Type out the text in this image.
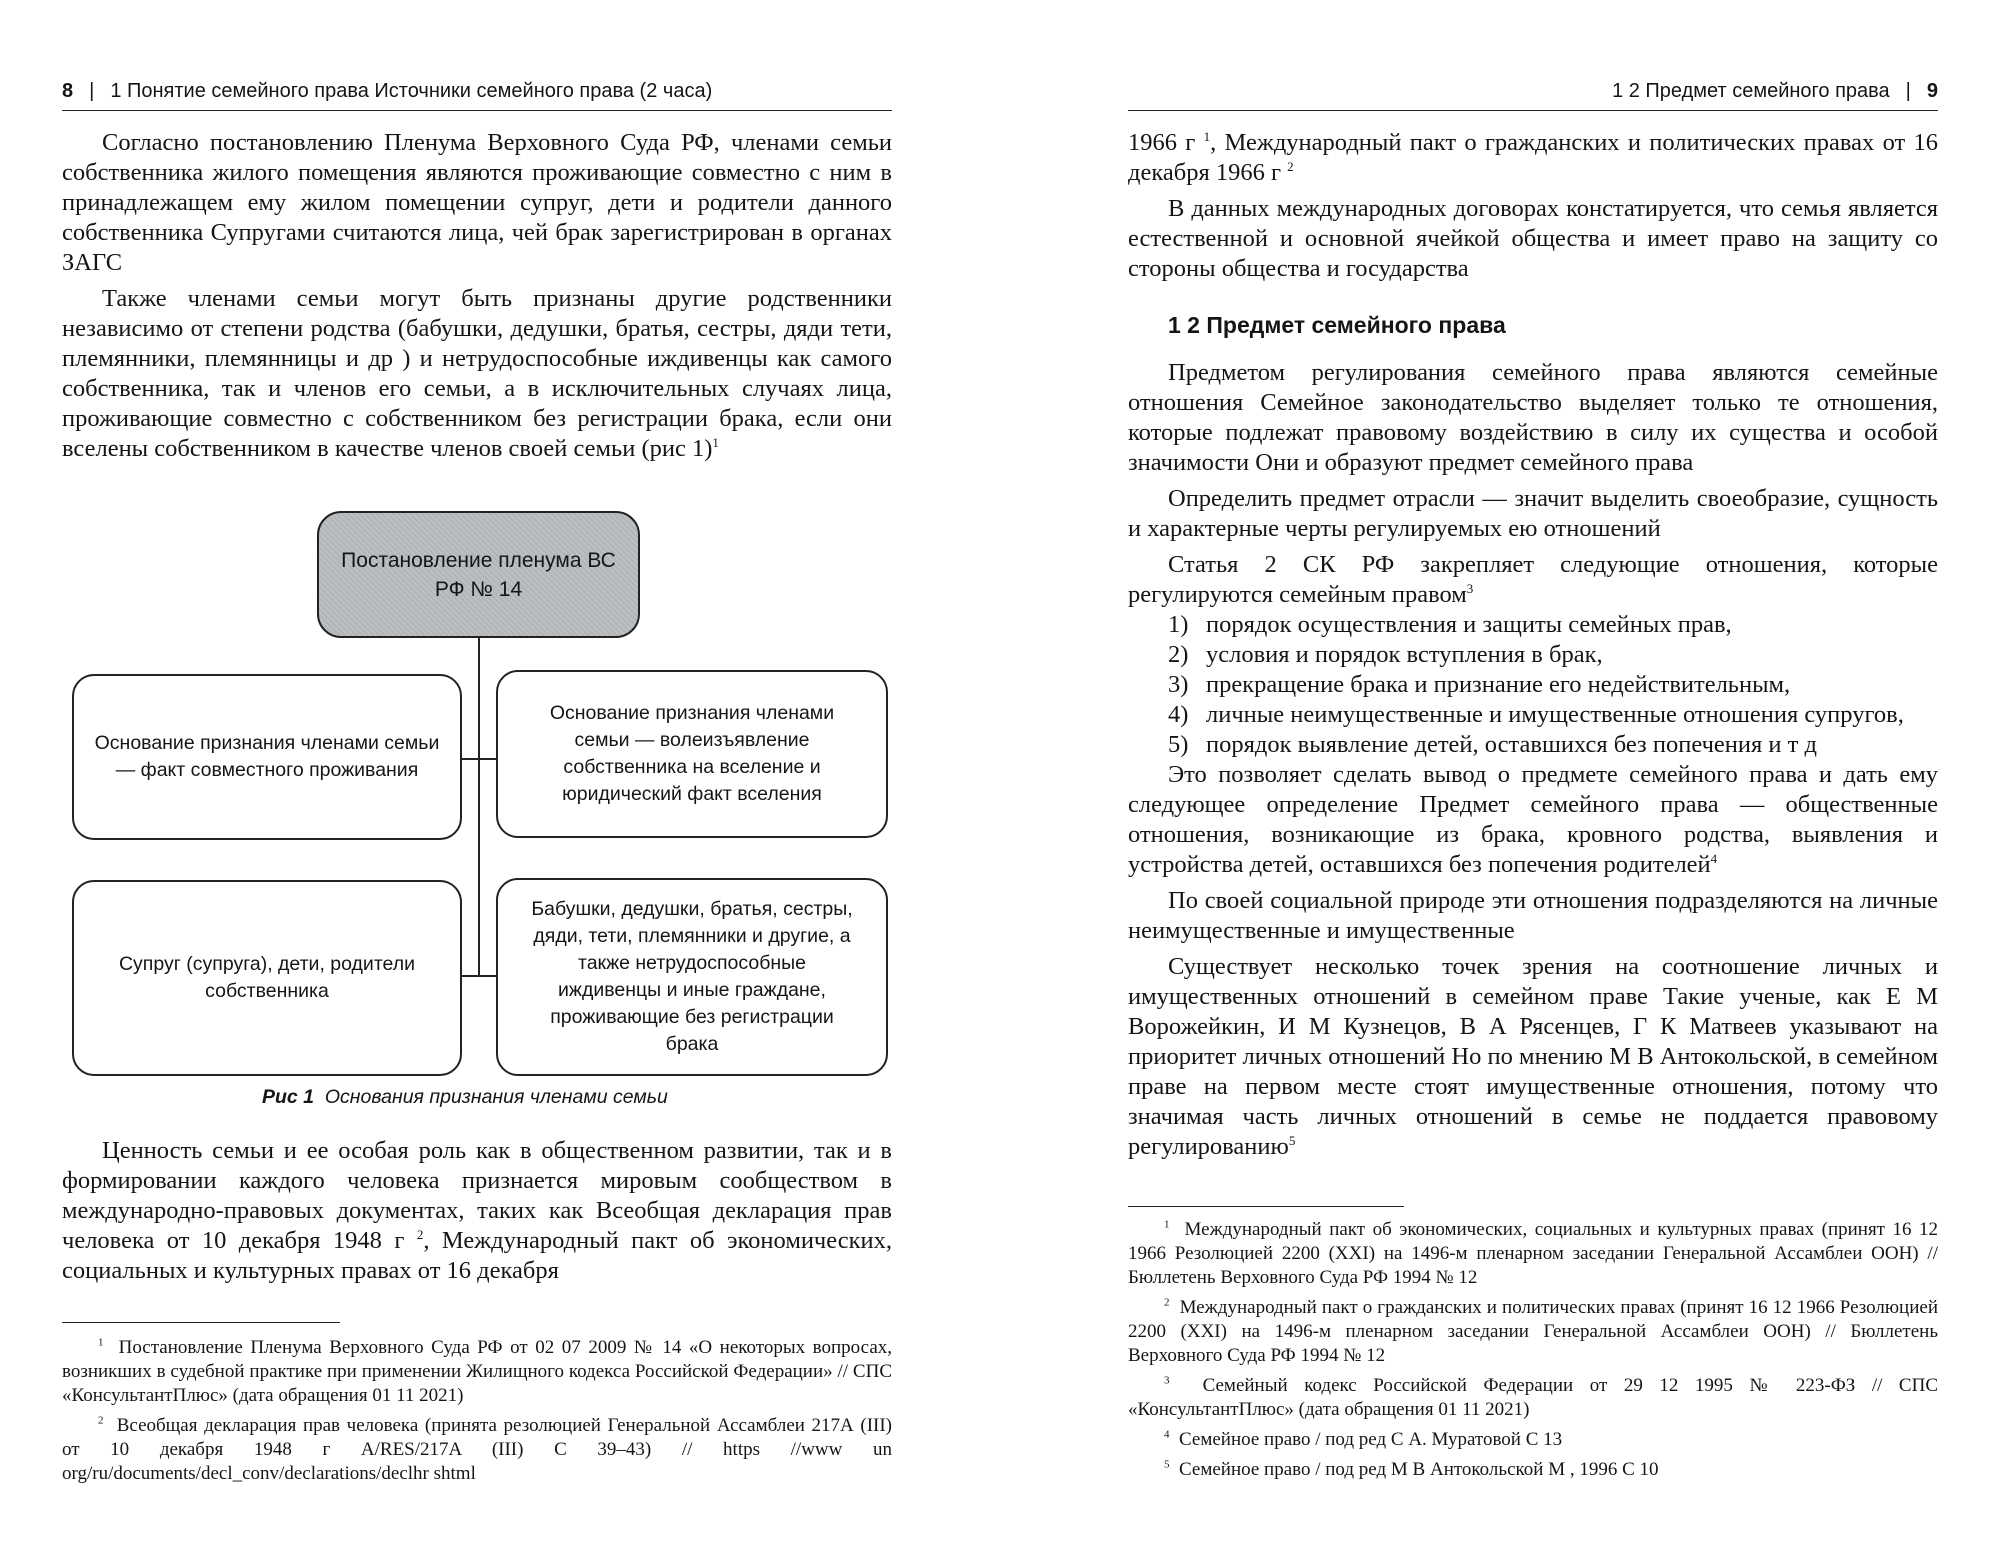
8 | 1 Понятие семейного права Источники семейного права (2 часа)

Согласно постановлению Пленума Верховного Суда РФ, членами семьи собственника жилого помещения являются проживающие совместно с ним в принадлежащем ему жилом помещении супруг, дети и родители данного собственника Супругами считаются лица, чей брак зарегистрирован в органах ЗАГС

Также членами семьи могут быть признаны другие родственники независимо от степени родства (бабушки, дедушки, братья, сестры, дяди тети, племянники, племянницы и др ) и нетрудоспособные иждивенцы как самого собственника, так и членов его семьи, а в исключительных случаях лица, проживающие совместно с собственником без регистрации брака, если они вселены собственником в качестве членов своей семьи (рис 1)$^1$

Постановление пленума ВС РФ № 14
Основание признания членами семьи — факт совместного проживания
Основание признания членами семьи — волеизъявление собственника на вселение и юридический факт вселения
Супруг (супруга), дети, родители собственника
Бабушки, дедушки, братья, сестры, дяди, тети, племянники и другие, а также нетрудоспособные иждивенцы и иные граждане, проживающие без регистрации брака
Рис 1 Основания признания членами семьи

Ценность семьи и ее особая роль как в общественном развитии, так и в формировании каждого человека признается мировым сообществом в международно-правовых документах, таких как Всеобщая декларация прав человека от 10 декабря 1948 г $^2$, Международный пакт об экономических, социальных и культурных правах от 16 декабря

$^1$ Постановление Пленума Верховного Суда РФ от 02 07 2009 № 14 «О некоторых вопросах, возникших в судебной практике при применении Жилищного кодекса Российской Федерации» // СПС «КонсультантПлюс» (дата обращения 01 11 2021)

$^2$ Всеобщая декларация прав человека (принята резолюцией Генеральной Ассамблеи 217А (III) от 10 декабря 1948 г A/RES/217A (III) С 39–43) // https //www un org/ru/documents/decl_conv/declarations/declhr shtml

1 2 Предмет семейного права | 9

1966 г $^1$, Международный пакт о гражданских и политических правах от 16 декабря 1966 г $^2$

В данных международных договорах констатируется, что семья является естественной и основной ячейкой общества и имеет право на защиту со стороны общества и государства

1 2 Предмет семейного права

Предметом регулирования семейного права являются семейные отношения Семейное законодательство выделяет только те отношения, которые подлежат правовому воздействию в силу их существа и особой значимости Они и образуют предмет семейного права

Определить предмет отрасли — значит выделить своеобразие, сущность и характерные черты регулируемых ею отношений

Статья 2 СК РФ закрепляет следующие отношения, которые регулируются семейным правом$^3$

1) порядок осуществления и защиты семейных прав,
2) условия и порядок вступления в брак,
3) прекращение брака и признание его недействительным,
4) личные неимущественные и имущественные отношения супругов,
5) порядок выявление детей, оставшихся без попечения и т д

Это позволяет сделать вывод о предмете семейного права и дать ему следующее определение Предмет семейного права — общественные отношения, возникающие из брака, кровного родства, выявления и устройства детей, оставшихся без попечения родителей$^4$

По своей социальной природе эти отношения подразделяются на личные неимущественные и имущественные

Существует несколько точек зрения на соотношение личных и имущественных отношений в семейном праве Такие ученые, как Е М Ворожейкин, И М Кузнецов, В А Рясенцев, Г К Матвеев указывают на приоритет личных отношений Но по мнению М В Антокольской, в семейном праве на первом месте стоят имущественные отношения, потому что значимая часть личных отношений в семье не поддается правовому регулированию$^5$

$^1$ Международный пакт об экономических, социальных и культурных правах (принят 16 12 1966 Резолюцией 2200 (XXI) на 1496-м пленарном заседании Генеральной Ассамблеи ООН) // Бюллетень Верховного Суда РФ 1994 № 12

$^2$ Международный пакт о гражданских и политических правах (принят 16 12 1966 Резолюцией 2200 (XXI) на 1496-м пленарном заседании Генеральной Ассамблеи ООН) // Бюллетень Верховного Суда РФ 1994 № 12

$^3$ Семейный кодекс Российской Федерации от 29 12 1995 № 223-ФЗ // СПС «КонсультантПлюс» (дата обращения 01 11 2021)

$^4$ Семейное право / под ред С А. Муратовой С 13

$^5$ Семейное право / под ред М В Антокольской М , 1996 С 10
